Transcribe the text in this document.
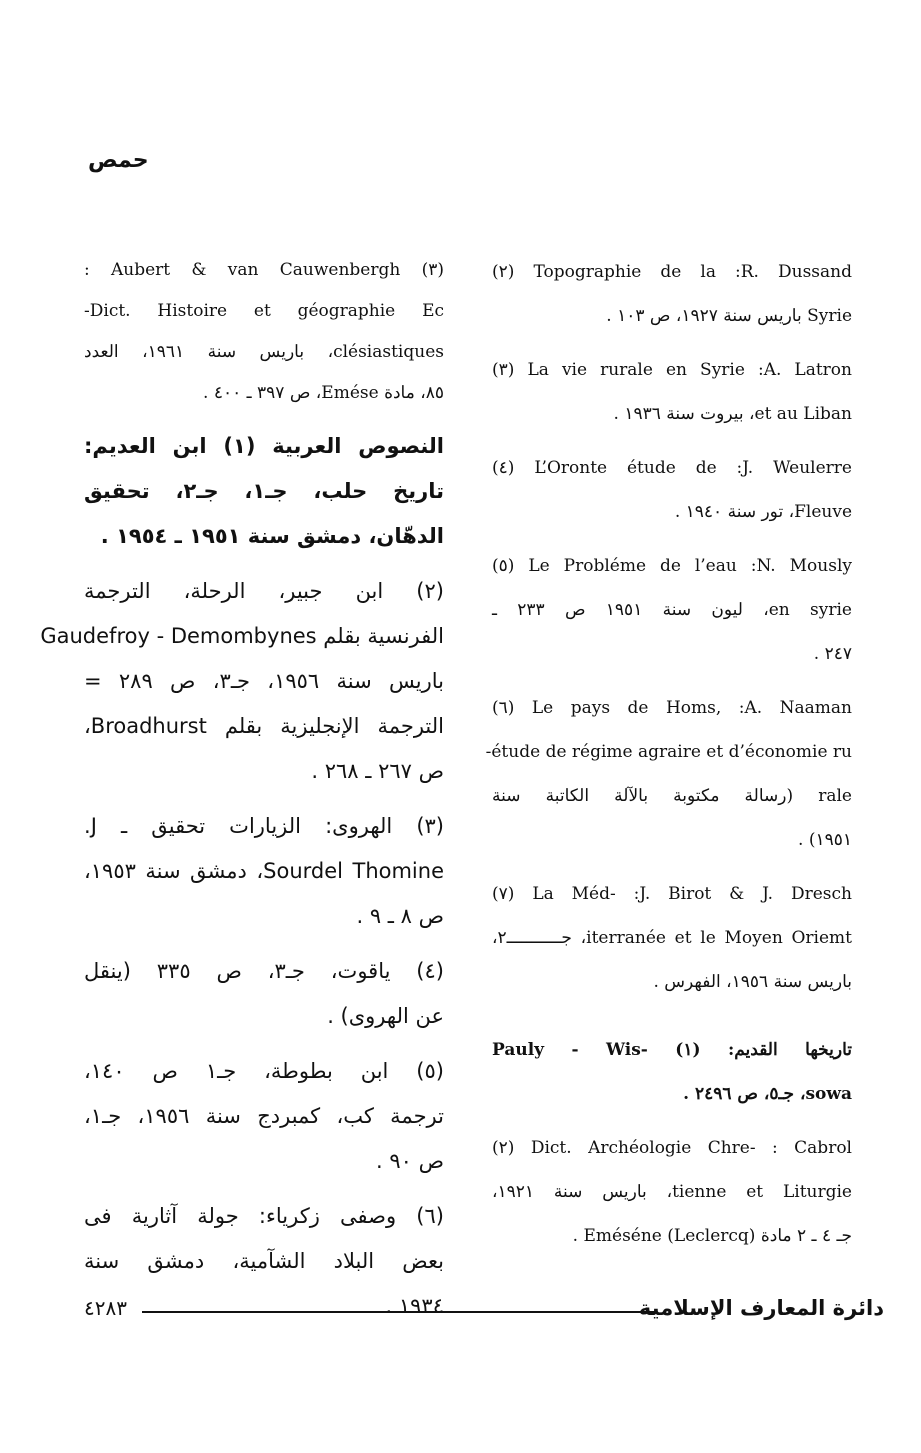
حمص
Topographie de la :R. Dussand (٢)
Syrie باريس سنة ١٩٢٧، ص ١٠٣ .
La vie rurale en Syrie :A. Latron (٣)
et au Liban، بيروت سنة ١٩٣٦ .
L’Oronte étude de :J. Weulerre (٤)
Fleuve، تور سنة ١٩٤٠ .
Le Probléme de l’eau :N. Mously (٥)
en syrie، ليون سنة ١٩٥١ ص ٢٣٣ ـ
٢٤٧ .
Le pays de Homs, :A. Naaman (٦)
étude de régime agraire et d’économie ru-
rale (رسالة مكتوبة بالآلة الكاتبة سنة
١٩٥١) .
La Méd- :J. Birot & J. Dresch (٧)
iterranée et le Moyen Oriemt، جـــــــــــ٢،
باريس سنة ١٩٥٦، الفهرس .
تاريخها القديم: (١) -Pauly - Wis
sowa، جـ٥، ص ٢٤٩٦ .
Dict. Archéologie Chre- : Cabrol (٢)
tienne et Liturgie، باريس سنة ١٩٢١،
جـ ٤ ـ ٢ مادة Eméséne (Leclercq) .
(٣) Aubert & van Cauwenbergh :
Dict. Histoire et géographie Ec-
clésiastiques، باريس سنة ١٩٦١، العدد
٨٥، مادة Emése، ص ٣٩٧ ـ ٤٠٠ .
النصوص العربية (١) ابن العديم:
تاريخ حلب، جـ١، جـ٢، تحقيق
الدهّان، دمشق سنة ١٩٥١ ـ ١٩٥٤ .
(٢) ابن جبير، الرحلة، الترجمة
الفرنسية بقلم Gaudefroy - Demombynes
باريس سنة ١٩٥٦، جـ٣، ص ٢٨٩ =
الترجمة الإنجليزية بقلم Broadhurst،
ص ٢٦٧ ـ ٢٦٨ .
(٣) الهروى: الزيارات تحقيق ـ J.
Sourdel Thomine، دمشق سنة ١٩٥٣،
ص ٨ ـ ٩ .
(٤) ياقوت، جـ٣، ص ٣٣٥ (ينقل
عن الهروى) .
(٥) ابن بطوطة، جـ١ ص ١٤٠،
ترجمة كب، كمبردج سنة ١٩٥٦، جـ١،
ص ٩٠ .
(٦) وصفى زكرياء: جولة آثارية فى
بعض البلاد الشآمية، دمشق سنة
١٩٣٤ .
٤٢٨٣	دائرة المعارف الإسلامية
